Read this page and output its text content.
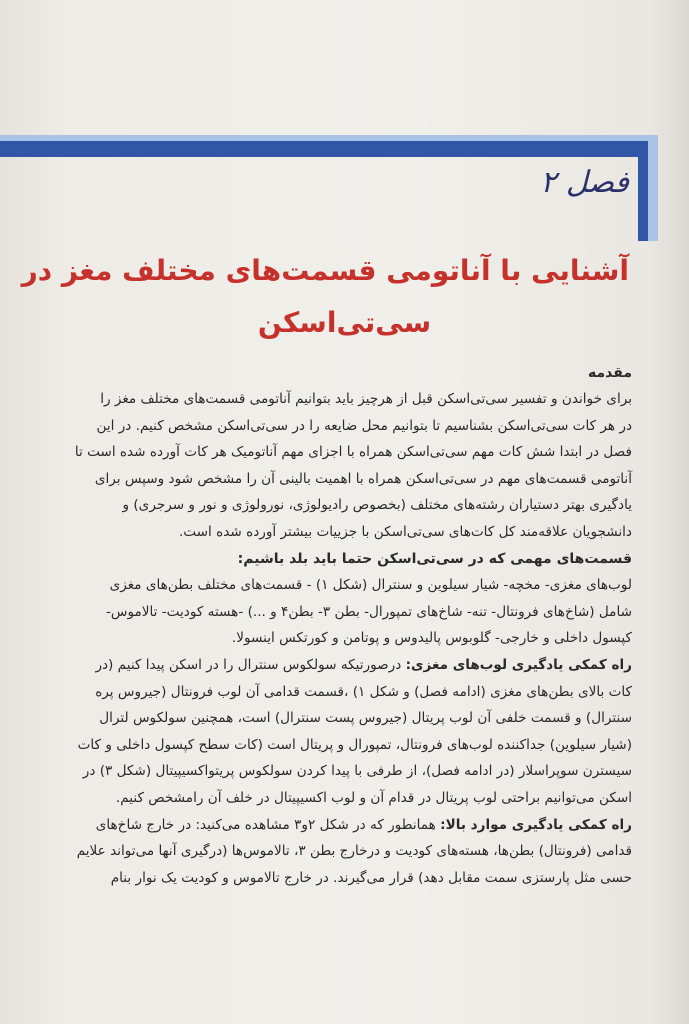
فصل ۲
آشنایی با آناتومی قسمت‌های مختلف مغز در
سی‌تی‌اسکن
مقدمه
برای خواندن و تفسیر سی‌تی‌اسکن قبل از هرچیز باید بتوانیم آناتومی قسمت‌های مختلف مغز را
در هر کات سی‌تی‌اسکن بشناسیم تا بتوانیم محل ضایعه را در سی‌تی‌اسکن مشخص کنیم. در این
فصل در ابتدا شش کات مهم سی‌تی‌اسکن همراه با اجزای مهم آناتومیک هر کات آورده شده است تا
آناتومی قسمت‌های مهم در سی‌تی‌اسکن همراه با اهمیت بالینی آن را مشخص شود وسپس برای
یادگیری بهتر دستیاران رشته‌های مختلف (بخصوص رادیولوژی، نورولوژی و نور و سرجری) و
دانشجویان علاقه‌مند کل کات‌های سی‌تی‌اسکن با جزییات بیشتر آورده شده است.
قسمت‌های مهمی که در سی‌تی‌اسکن حتما باید بلد باشیم:
لوب‌های مغزی- مخچه- شیار سیلوین و سنترال (شکل ۱) - قسمت‌های مختلف بطن‌های مغزی
شامل (شاخ‌های فرونتال- تنه- شاخ‌های تمپورال- بطن ۳- بطن۴ و ...) -هسته کودیت- تالاموس-
کپسول داخلی و خارجی- گلوبوس پالیدوس و پوتامن و کورتکس اینسولا.
راه کمکی یادگیری لوب‌های مغزی: درصورتیکه سولکوس سنترال را در اسکن پیدا کنیم (در
کات بالای بطن‌های مغزی (ادامه فصل) و شکل ۱) ،قسمت قدامی آن لوب فرونتال (جیروس پره
سنترال) و قسمت خلفی آن لوب پریتال (جیروس پست سنترال) است، همچنین سولکوس لترال
(شیار سیلوین) جداکننده لوب‌های فرونتال، تمپورال و پریتال است (کات سطح کپسول داخلی و کات
سیسترن سوپراسلار (در ادامه فصل)، از طرفی با پیدا کردن سولکوس پریتواکسیپیتال (شکل ۳) در
اسکن می‌توانیم براحتی لوب پریتال در قدام آن و لوب اکسیپیتال در خلف آن رامشخص کنیم.
راه کمکی یادگیری موارد بالا: همانطور که در شکل ۲و۳ مشاهده می‌کنید: در خارج شاخ‌های
قدامی (فرونتال) بطن‌ها، هسته‌های کودیت و درخارج بطن ۳، تالاموس‌ها (درگیری آنها می‌تواند علایم
حسی مثل پارستزی سمت مقابل دهد) قرار می‌گیرند. در خارج تالاموس و کودیت یک نوار بنام
